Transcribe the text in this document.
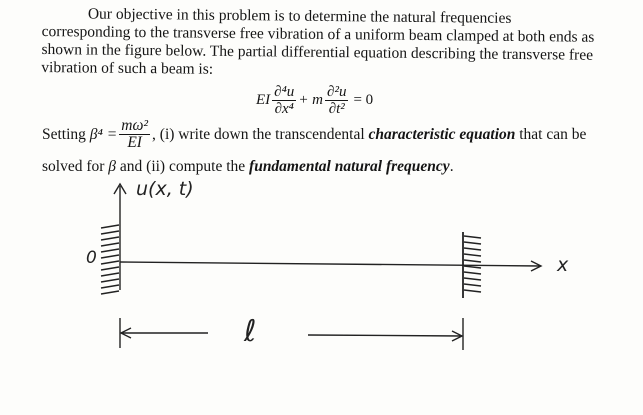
Our objective in this problem is to determine the natural frequencies
corresponding to the transverse free vibration of a uniform beam clamped at both ends as
shown in the figure below. The partial differential equation describing the transverse free
vibration of such a beam is:
EI $\frac{\text{∂⁴u}}{\text{∂x⁴}} + m \frac{\text{∂²u}}{\text{∂t²}} = 0$
Setting
$\beta^4 = \frac{\text{mω²}}{EI}$ , (i) write down the transcendental
characteristic equation
that can be
solved for β and (ii) compute the fundamental natural frequency.
u(x, t)
0	x
ℓ
